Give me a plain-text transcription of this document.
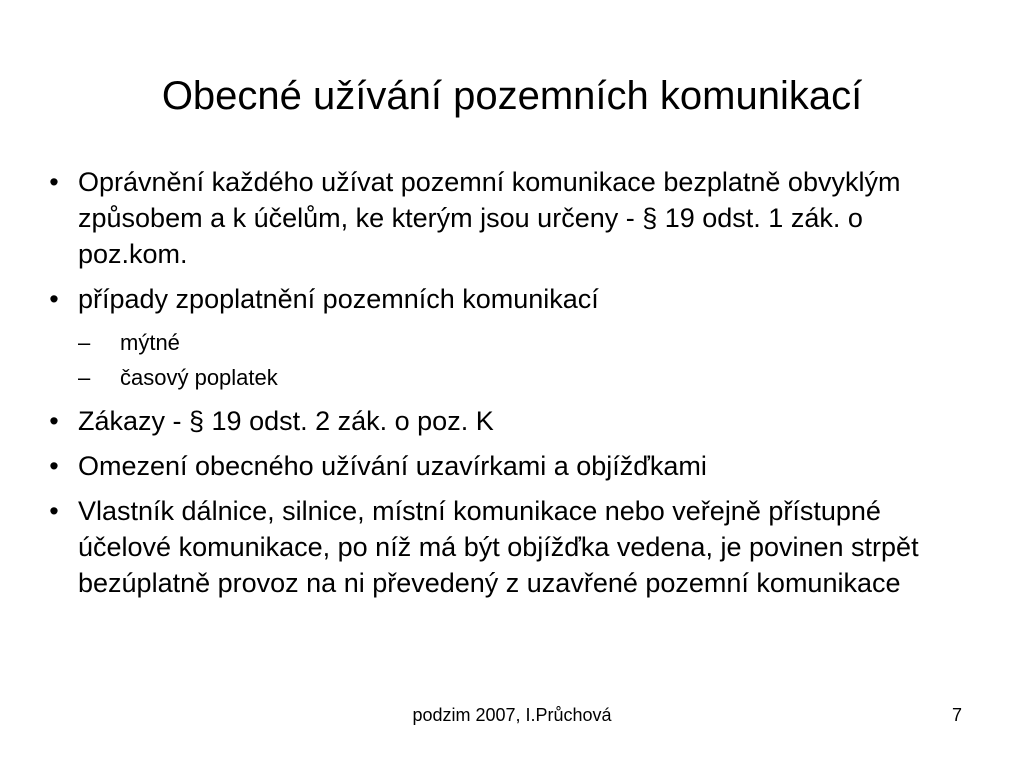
Obecné užívání pozemních komunikací
• Oprávnění každého užívat pozemní komunikace bezplatně obvyklým způsobem a k účelům, ke kterým jsou určeny - § 19 odst. 1 zák. o poz.kom.
• případy zpoplatnění pozemních komunikací
– mýtné
– časový poplatek
• Zákazy - § 19 odst. 2 zák. o poz. K
• Omezení obecného užívání uzavírkami a objížďkami
• Vlastník dálnice, silnice, místní komunikace nebo veřejně přístupné účelové komunikace, po níž má být objížďka vedena, je povinen strpět bezúplatně provoz na ni převedený z uzavřené pozemní komunikace
podzim 2007, I.Průchová	7
